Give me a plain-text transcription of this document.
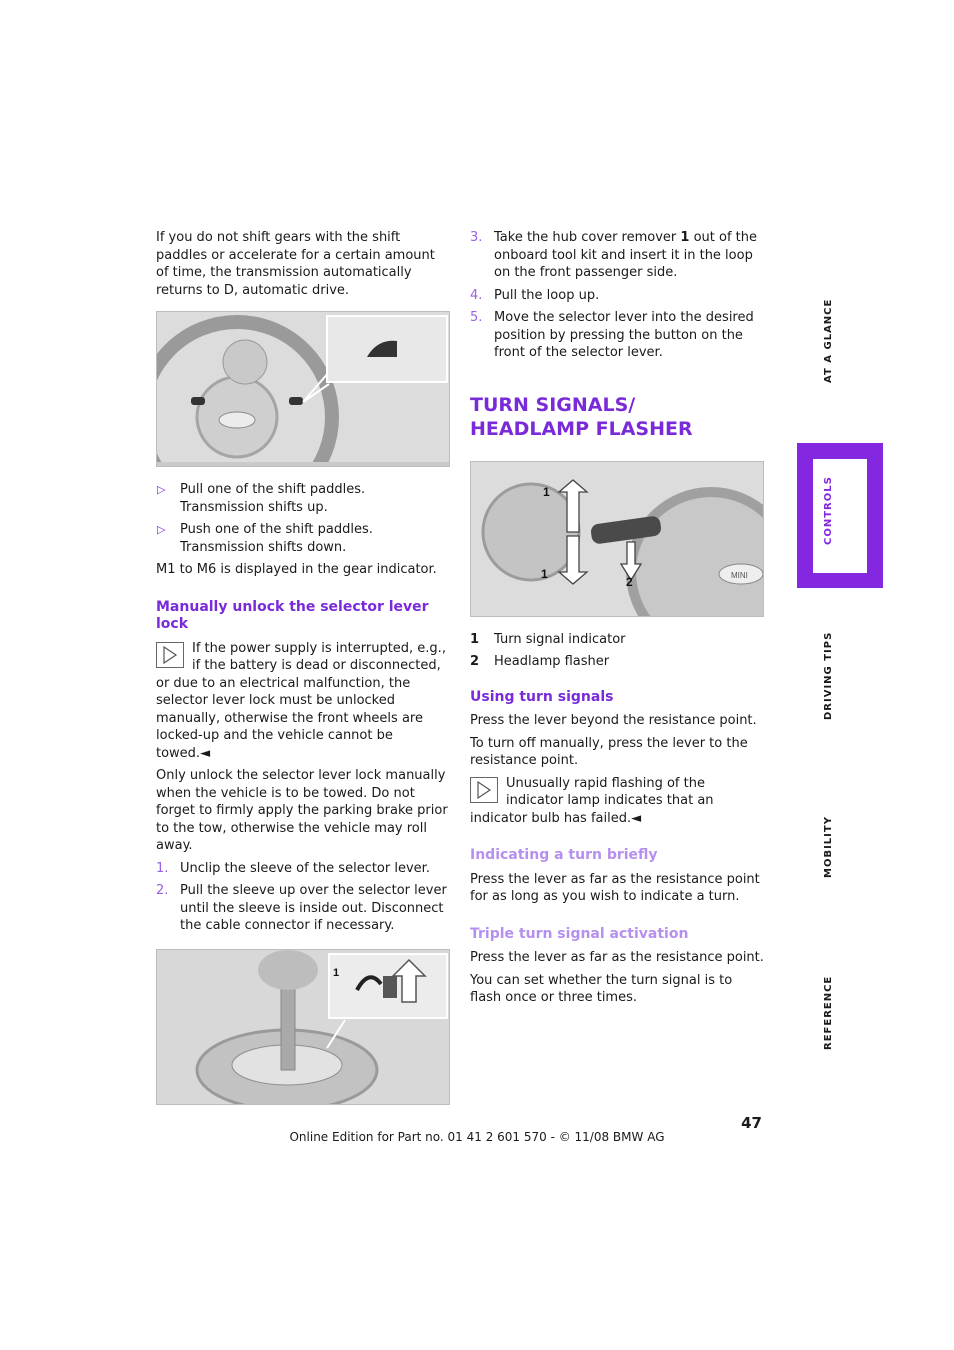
If you do not shift gears with the shift paddles or accelerate for a certain amount of time, the transmission automatically returns to D, automatic drive.

▷ Pull one of the shift paddles.

Transmission shifts up.

▷ Push one of the shift paddles.

Transmission shifts down.

M1 to M6 is displayed in the gear indicator.

Manually unlock the selector lever lock
If the power supply is interrupted, e.g., if the battery is dead or disconnected, or due to an electrical malfunction, the selector lever lock must be unlocked manually, otherwise the front wheels are locked-up and the vehicle cannot be towed.◄

Only unlock the selector lever lock manually when the vehicle is to be towed. Do not forget to firmly apply the parking brake prior to the tow, otherwise the vehicle may roll away.

1. Unclip the sleeve of the selector lever.
2. Pull the sleeve up over the selector lever until the sleeve is inside out. Disconnect the cable connector if necessary.
1
3. Take the hub cover remover 1 out of the onboard tool kit and insert it in the loop on the front passenger side.
4. Pull the loop up.
5. Move the selector lever into the desired position by pressing the button on the front of the selector lever.
TURN SIGNALS/
HEADLAMP FLASHER
MINI
1
1
2
1 Turn signal indicator
2 Headlamp flasher
Using turn signals

Press the lever beyond the resistance point.

To turn off manually, press the lever to the resistance point.

Unusually rapid flashing of the indicator lamp indicates that an indicator bulb has failed.◄
Indicating a turn briefly

Press the lever as far as the resistance point for as long as you wish to indicate a turn.

Triple turn signal activation

Press the lever as far as the resistance point.

You can set whether the turn signal is to flash once or three times.

AT A GLANCE
CONTROLS
DRIVING TIPS
MOBILITY
REFERENCE
47
Online Edition for Part no. 01 41 2 601 570 - © 11/08 BMW AG
